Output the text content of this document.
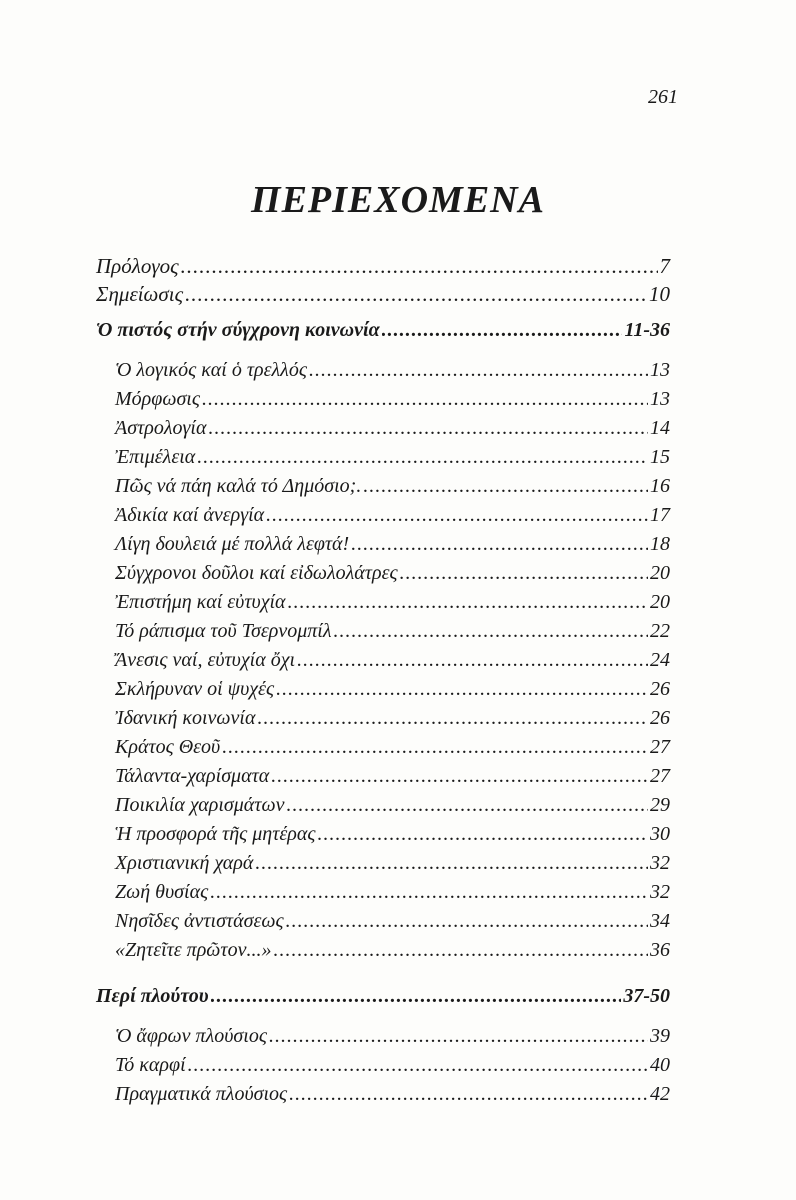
261
ΠΕΡΙΕΧΟΜΕΝΑ
Πρόλογος .....	7
Σημείωσις .....	10
Ὁ πιστός στήν σύγχρονη κοινωνία .....	11-36
Ὁ λογικός καί ὁ τρελλός .....	13
Μόρφωσις .....	13
Ἀστρολογία .....	14
Ἐπιμέλεια .....	15
Πῶς νά πάη καλά τό Δημόσιο;. .....	16
Ἀδικία καί ἀνεργία .....	17
Λίγη δουλειά μέ πολλά λεφτά! .....	18
Σύγχρονοι δοῦλοι καί εἰδωλολάτρες .....	20
Ἐπιστήμη καί εὐτυχία .....	20
Τό ράπισμα τοῦ Τσερνομπίλ .....	22
Ἄνεσις ναί, εὐτυχία ὄχι .....	24
Σκλήρυναν οἱ ψυχές .....	26
Ἰδανική κοινωνία .....	26
Κράτος Θεοῦ .....	27
Τάλαντα-χαρίσματα .....	27
Ποικιλία χαρισμάτων .....	29
Ἡ προσφορά τῆς μητέρας .....	30
Χριστιανική χαρά .....	32
Ζωή θυσίας .....	32
Νησῖδες ἀντιστάσεως .....	34
«Ζητεῖτε πρῶτον...» .....	36
Περί πλούτου .....	37-50
Ὁ ἄφρων πλούσιος .....	39
Τό καρφί .....	40
Πραγματικά πλούσιος .....	42
